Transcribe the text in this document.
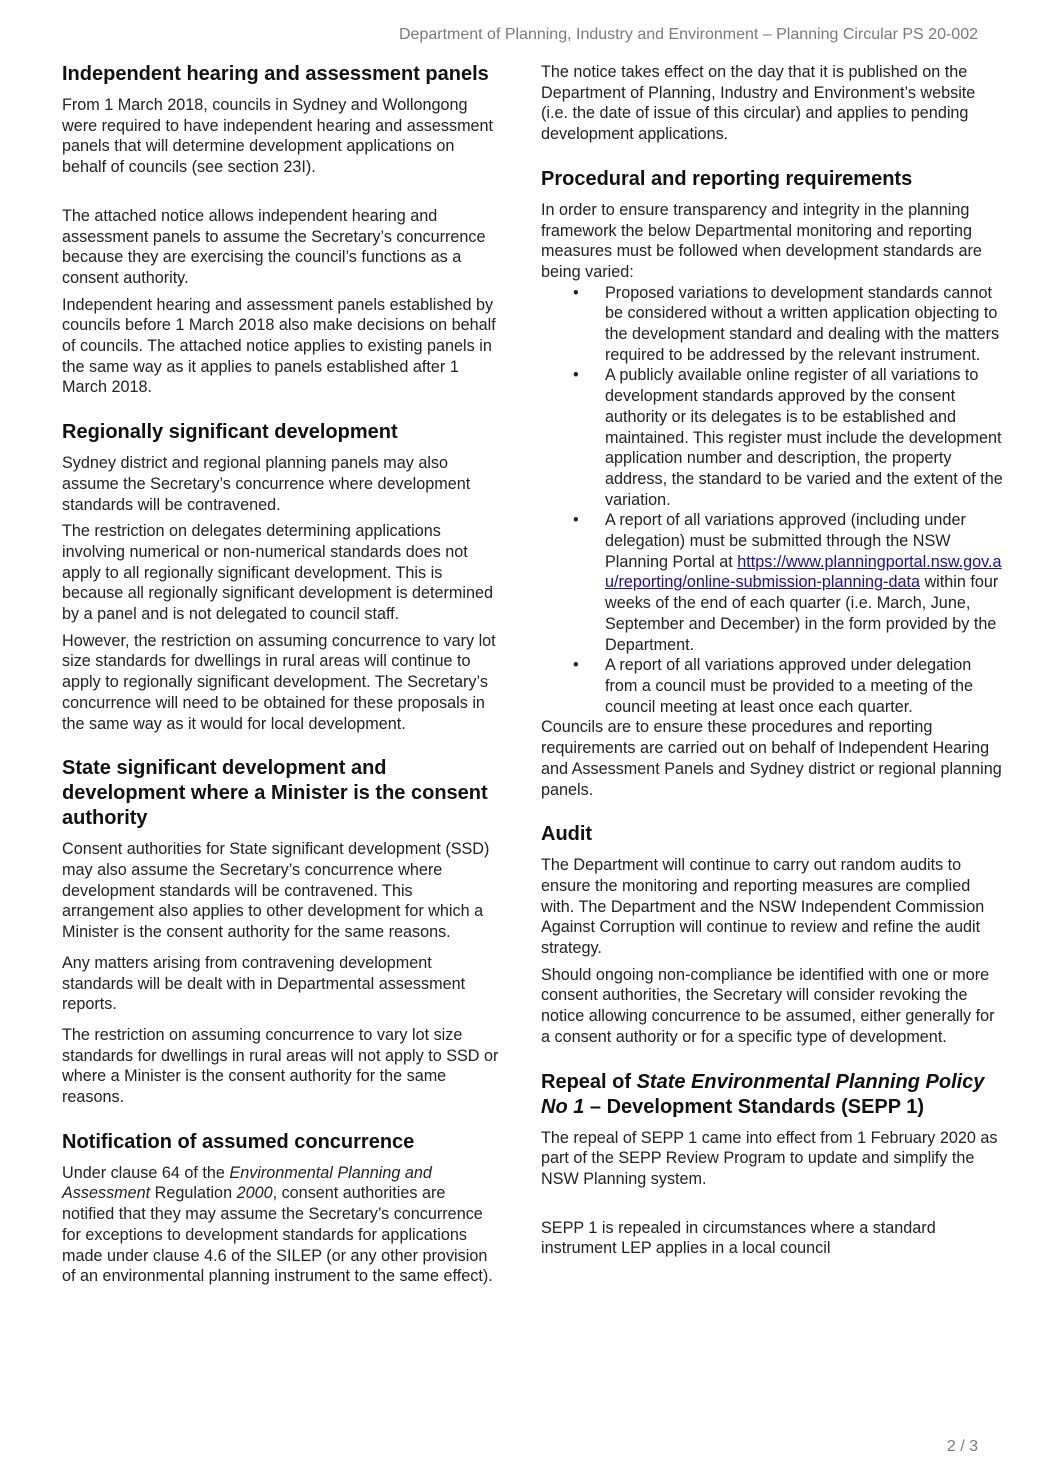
Department of Planning, Industry and Environment – Planning Circular PS 20-002
Independent hearing and assessment panels

From 1 March 2018, councils in Sydney and Wollongong were required to have independent hearing and assessment panels that will determine development applications on behalf of councils (see section 23I).

The attached notice allows independent hearing and assessment panels to assume the Secretary’s concurrence because they are exercising the council’s functions as a consent authority.

Independent hearing and assessment panels established by councils before 1 March 2018 also make decisions on behalf of councils. The attached notice applies to existing panels in the same way as it applies to panels established after 1 March 2018.

Regionally significant development

Sydney district and regional planning panels may also assume the Secretary’s concurrence where development standards will be contravened.

The restriction on delegates determining applications involving numerical or non-numerical standards does not apply to all regionally significant development. This is because all regionally significant development is determined by a panel and is not delegated to council staff.

However, the restriction on assuming concurrence to vary lot size standards for dwellings in rural areas will continue to apply to regionally significant development. The Secretary’s concurrence will need to be obtained for these proposals in the same way as it would for local development.

State significant development and development where a Minister is the consent authority

Consent authorities for State significant development (SSD) may also assume the Secretary’s concurrence where development standards will be contravened. This arrangement also applies to other development for which a Minister is the consent authority for the same reasons.

Any matters arising from contravening development standards will be dealt with in Departmental assessment reports.

The restriction on assuming concurrence to vary lot size standards for dwellings in rural areas will not apply to SSD or where a Minister is the consent authority for the same reasons.

Notification of assumed concurrence

Under clause 64 of the Environmental Planning and Assessment Regulation 2000, consent authorities are notified that they may assume the Secretary’s concurrence for exceptions to development standards for applications made under clause 4.6 of the SILEP (or any other provision of an environmental planning instrument to the same effect).

The notice takes effect on the day that it is published on the Department of Planning, Industry and Environment’s website (i.e. the date of issue of this circular) and applies to pending development applications.

Procedural and reporting requirements

In order to ensure transparency and integrity in the planning framework the below Departmental monitoring and reporting measures must be followed when development standards are being varied:

• Proposed variations to development standards cannot be considered without a written application objecting to the development standard and dealing with the matters required to be addressed by the relevant instrument.
• A publicly available online register of all variations to development standards approved by the consent authority or its delegates is to be established and maintained. This register must include the development application number and description, the property address, the standard to be varied and the extent of the variation.
• A report of all variations approved (including under delegation) must be submitted through the NSW Planning Portal at https://www.planningportal.nsw.gov.au/reporting/online-submission-planning-data within four weeks of the end of each quarter (i.e. March, June, September and December) in the form provided by the Department.
• A report of all variations approved under delegation from a council must be provided to a meeting of the council meeting at least once each quarter.

Councils are to ensure these procedures and reporting requirements are carried out on behalf of Independent Hearing and Assessment Panels and Sydney district or regional planning panels.

Audit

The Department will continue to carry out random audits to ensure the monitoring and reporting measures are complied with. The Department and the NSW Independent Commission Against Corruption will continue to review and refine the audit strategy.

Should ongoing non-compliance be identified with one or more consent authorities, the Secretary will consider revoking the notice allowing concurrence to be assumed, either generally for a consent authority or for a specific type of development.

Repeal of State Environmental Planning Policy No 1 – Development Standards (SEPP 1)

The repeal of SEPP 1 came into effect from 1 February 2020 as part of the SEPP Review Program to update and simplify the NSW Planning system.

SEPP 1 is repealed in circumstances where a standard instrument LEP applies in a local council

2 / 3
